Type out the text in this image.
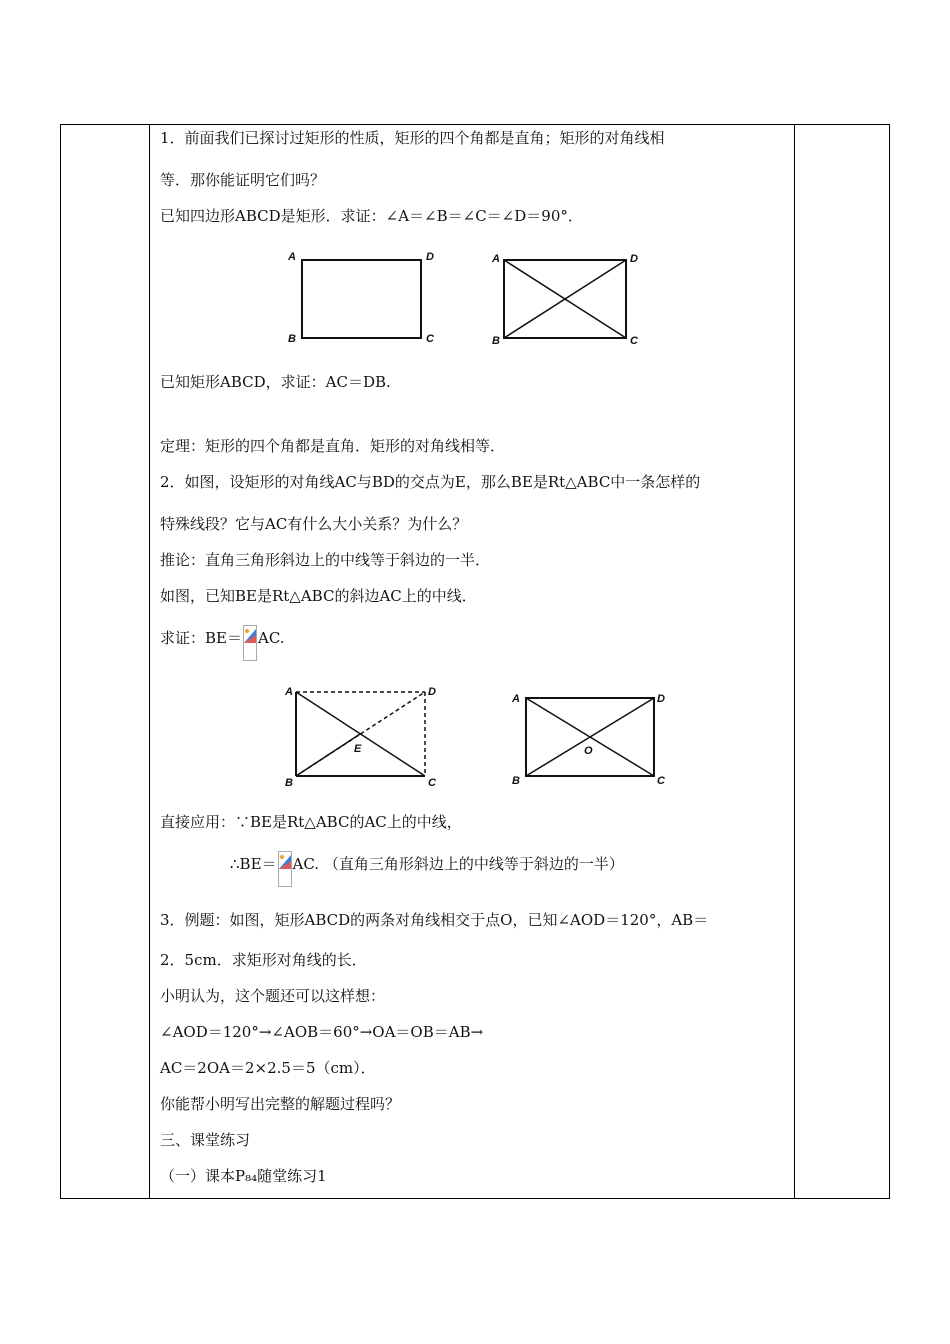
1．前面我们已探讨过矩形的性质，矩形的四个角都是直角；矩形的对角线相
等．那你能证明它们吗？
已知四边形ABCD是矩形．求证：∠A＝∠B＝∠C＝∠D＝90°．
A	D
B	C
A	D
B	C
已知矩形ABCD，求证：AC＝DB.
定理：矩形的四个角都是直角．矩形的对角线相等．
2．如图，设矩形的对角线AC与BD的交点为E，那么BE是Rt△ABC中一条怎样的
特殊线段？它与AC有什么大小关系？为什么？
推论：直角三角形斜边上的中线等于斜边的一半．
如图，已知BE是Rt△ABC的斜边AC上的中线．
求证：BE＝ AC.
A	D
B	C
E
A	D
B	C
O
直接应用：∵BE是Rt△ABC的AC上的中线，
∴BE＝ AC. （直角三角形斜边上的中线等于斜边的一半）
3．例题：如图，矩形ABCD的两条对角线相交于点O，已知∠AOD＝120°，AB＝
2．5cm．求矩形对角线的长．
小明认为，这个题还可以这样想：
∠AOD＝120°→∠AOB＝60°→OA＝OB＝AB→
AC＝2OA＝2×2.5＝5（cm）．
你能帮小明写出完整的解题过程吗？
三、课堂练习
（一）课本P₈₄随堂练习1
